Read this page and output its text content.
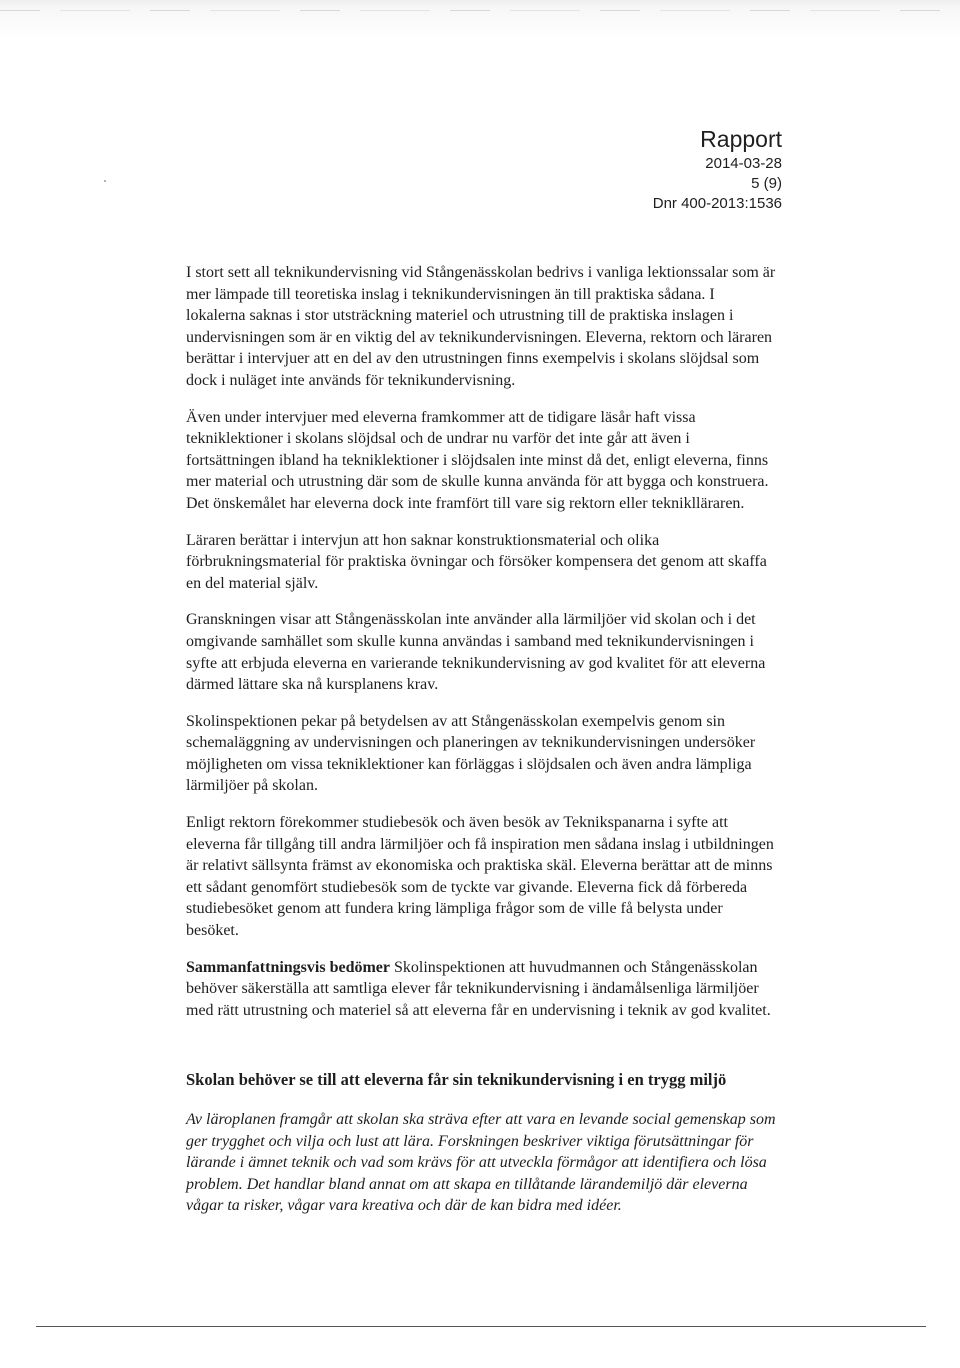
Rapport
2014-03-28
5 (9)
Dnr 400-2013:1536

I stort sett all teknikundervisning vid Stångenässkolan bedrivs i vanliga lektionssalar som är mer lämpade till teoretiska inslag i teknikundervisningen än till praktiska sådana. I lokalerna saknas i stor utsträckning materiel och utrustning till de praktiska inslagen i undervisningen som är en viktig del av teknikundervisningen. Eleverna, rektorn och läraren berättar i intervjuer att en del av den utrustningen finns exempelvis i skolans slöjdsal som dock i nuläget inte används för teknikundervisning.

Även under intervjuer med eleverna framkommer att de tidigare läsår haft vissa tekniklektioner i skolans slöjdsal och de undrar nu varför det inte går att även i fortsättningen ibland ha tekniklektioner i slöjdsalen inte minst då det, enligt eleverna, finns mer material och utrustning där som de skulle kunna använda för att bygga och konstruera. Det önskemålet har eleverna dock inte framfört till vare sig rektorn eller tekniklläraren.

Läraren berättar i intervjun att hon saknar konstruktionsmaterial och olika förbrukningsmaterial för praktiska övningar och försöker kompensera det genom att skaffa en del material själv.

Granskningen visar att Stångenässkolan inte använder alla lärmiljöer vid skolan och i det omgivande samhället som skulle kunna användas i samband med teknikundervisningen i syfte att erbjuda eleverna en varierande teknikundervisning av god kvalitet för att eleverna därmed lättare ska nå kursplanens krav.

Skolinspektionen pekar på betydelsen av att Stångenässkolan exempelvis genom sin schemaläggning av undervisningen och planeringen av teknikundervisningen undersöker möjligheten om vissa tekniklektioner kan förläggas i slöjdsalen och även andra lämpliga lärmiljöer på skolan.

Enligt rektorn förekommer studiebesök och även besök av Teknikspanarna i syfte att eleverna får tillgång till andra lärmiljöer och få inspiration men sådana inslag i utbildningen är relativt sällsynta främst av ekonomiska och praktiska skäl. Eleverna berättar att de minns ett sådant genomfört studiebesök som de tyckte var givande. Eleverna fick då förbereda studiebesöket genom att fundera kring lämpliga frågor som de ville få belysta under besöket.

Sammanfattningsvis bedömer Skolinspektionen att huvudmannen och Stångenässkolan behöver säkerställa att samtliga elever får teknikundervisning i ändamålsenliga lärmiljöer med rätt utrustning och materiel så att eleverna får en undervisning i teknik av god kvalitet.

Skolan behöver se till att eleverna får sin teknikundervisning i en trygg miljö

Av läroplanen framgår att skolan ska sträva efter att vara en levande social gemenskap som ger trygghet och vilja och lust att lära. Forskningen beskriver viktiga förutsättningar för lärande i ämnet teknik och vad som krävs för att utveckla förmågor att identifiera och lösa problem. Det handlar bland annat om att skapa en tillåtande lärandemiljö där eleverna vågar ta risker, vågar vara kreativa och där de kan bidra med idéer.
